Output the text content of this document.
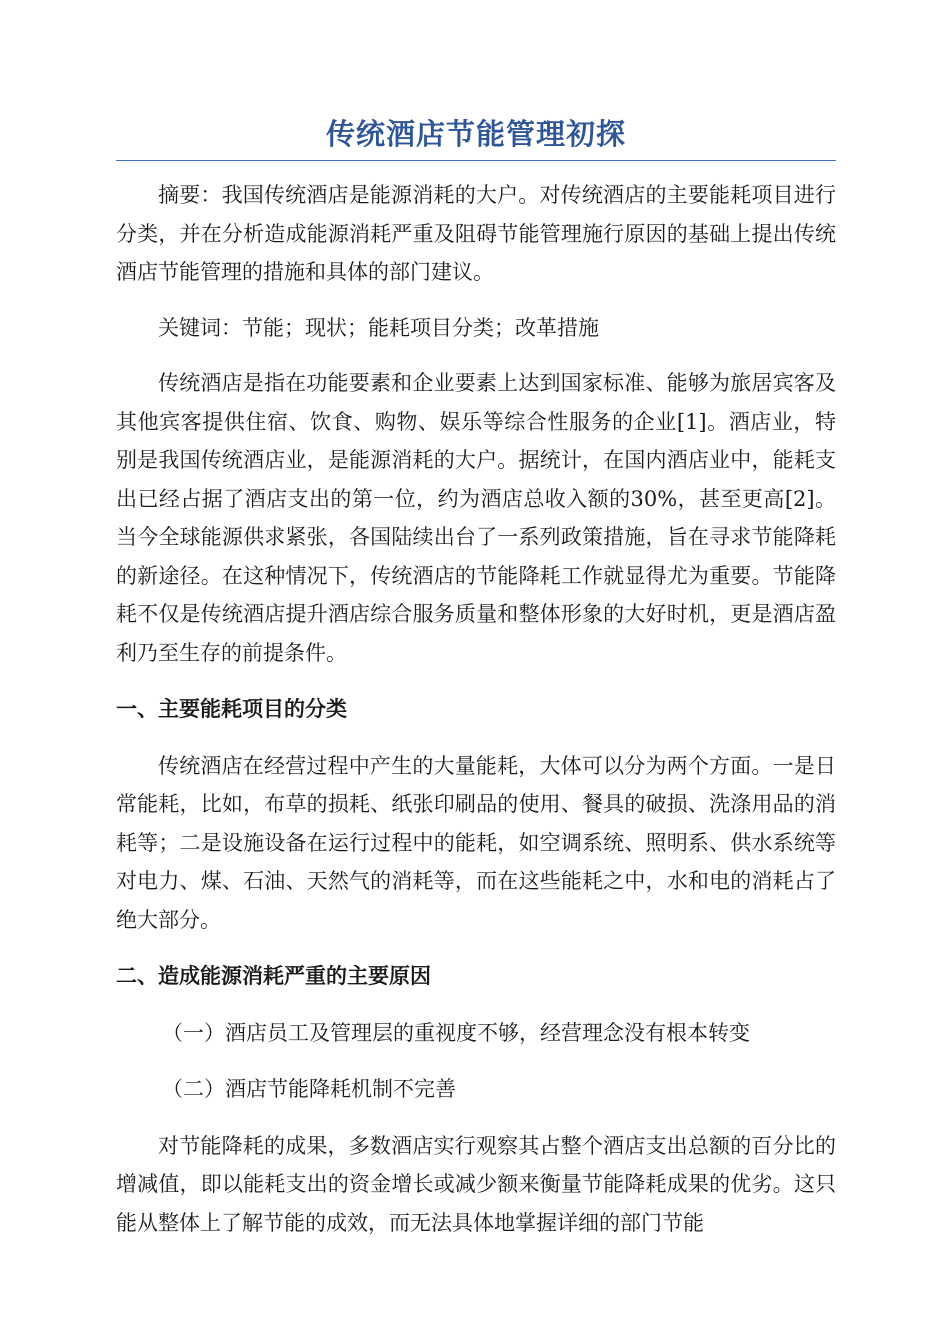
传统酒店节能管理初探

摘要：我国传统酒店是能源消耗的大户。对传统酒店的主要能耗项目进行分类，并在分析造成能源消耗严重及阻碍节能管理施行原因的基础上提出传统酒店节能管理的措施和具体的部门建议。

关键词：节能；现状；能耗项目分类；改革措施

传统酒店是指在功能要素和企业要素上达到国家标准、能够为旅居宾客及其他宾客提供住宿、饮食、购物、娱乐等综合性服务的企业[1]。酒店业，特别是我国传统酒店业，是能源消耗的大户。据统计，在国内酒店业中，能耗支出已经占据了酒店支出的第一位，约为酒店总收入额的30%，甚至更高[2]。当今全球能源供求紧张，各国陆续出台了一系列政策措施，旨在寻求节能降耗的新途径。在这种情况下，传统酒店的节能降耗工作就显得尤为重要。节能降耗不仅是传统酒店提升酒店综合服务质量和整体形象的大好时机，更是酒店盈利乃至生存的前提条件。

一、主要能耗项目的分类

传统酒店在经营过程中产生的大量能耗，大体可以分为两个方面。一是日常能耗，比如，布草的损耗、纸张印刷品的使用、餐具的破损、洗涤用品的消耗等；二是设施设备在运行过程中的能耗，如空调系统、照明系、供水系统等对电力、煤、石油、天然气的消耗等，而在这些能耗之中，水和电的消耗占了绝大部分。

二、造成能源消耗严重的主要原因

（一）酒店员工及管理层的重视度不够，经营理念没有根本转变

（二）酒店节能降耗机制不完善

对节能降耗的成果，多数酒店实行观察其占整个酒店支出总额的百分比的增减值，即以能耗支出的资金增长或减少额来衡量节能降耗成果的优劣。这只能从整体上了解节能的成效，而无法具体地掌握详细的部门节能
